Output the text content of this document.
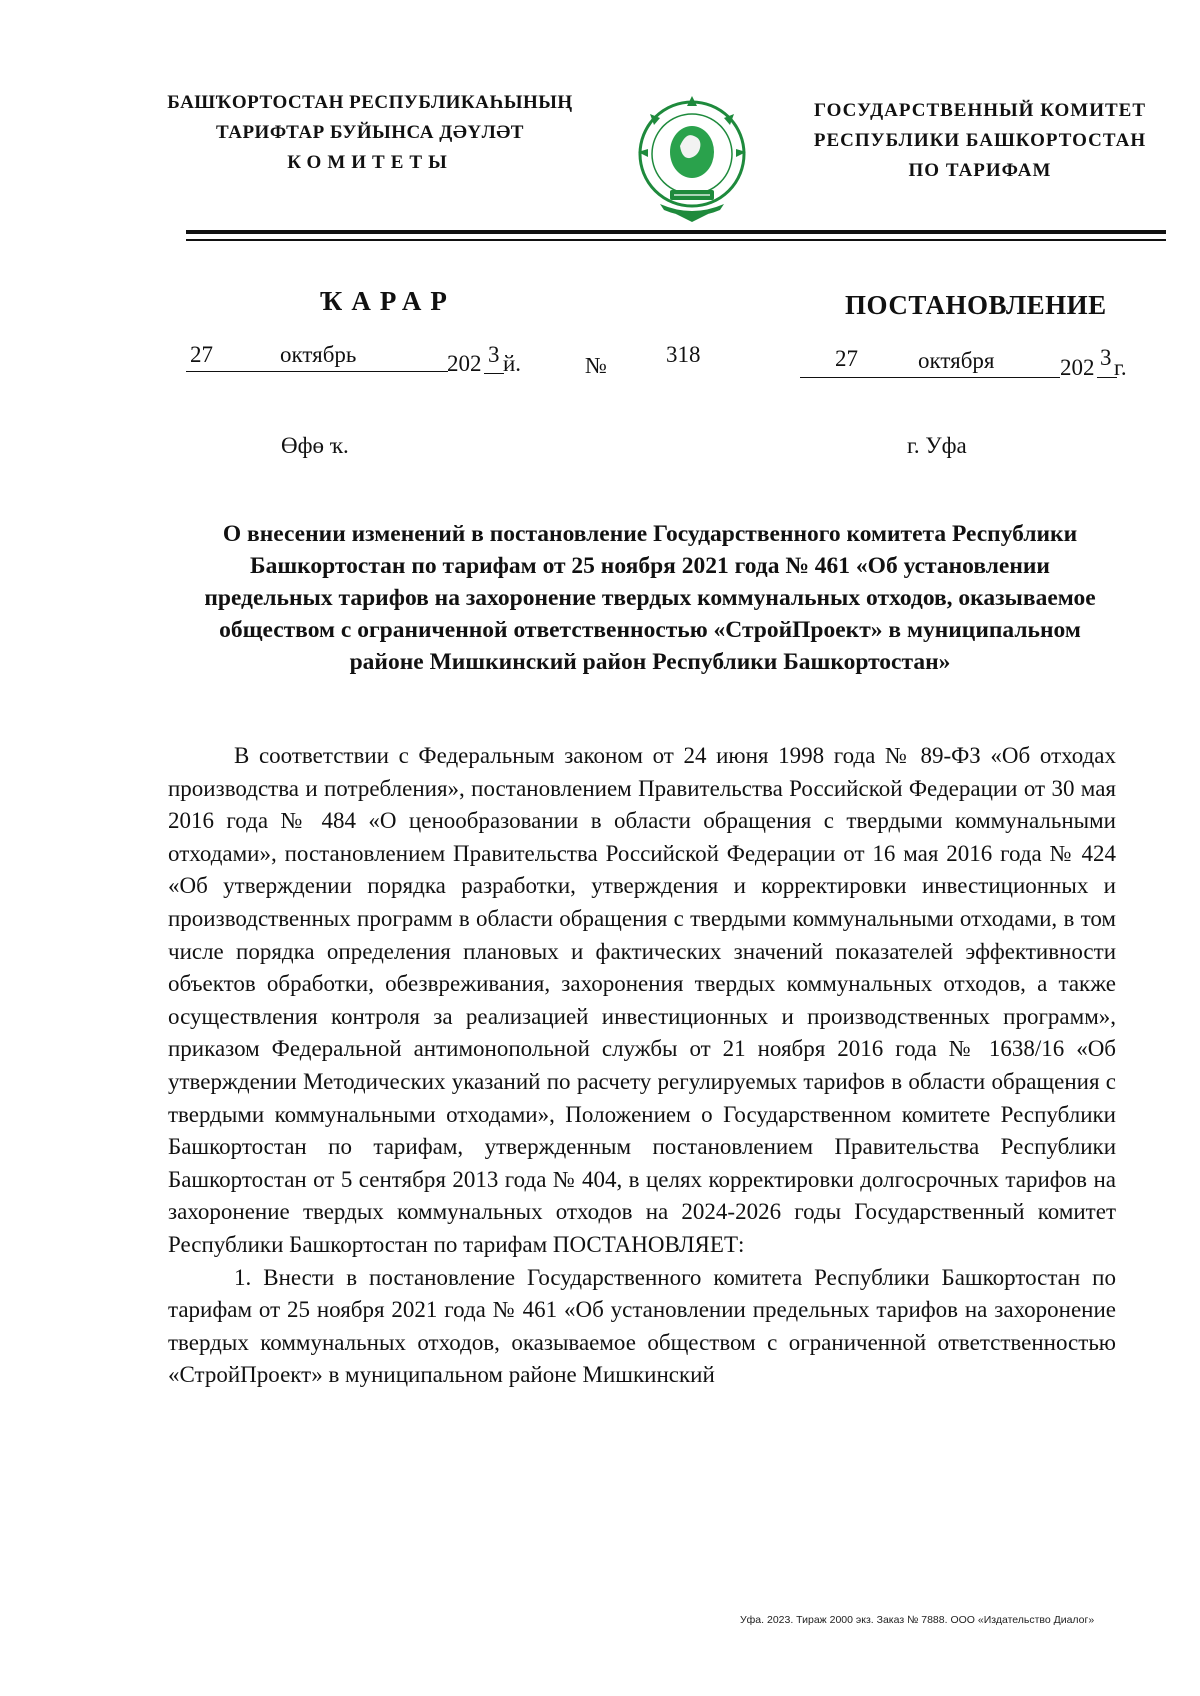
БАШҠОРТОСТАН РЕСПУБЛИКАҺЫНЫҢ
ТАРИФТАР БУЙЫНСА ДӘҮЛӘТ
КОМИТЕТЫ
ГОСУДАРСТВЕННЫЙ КОМИТЕТ
РЕСПУБЛИКИ БАШКОРТОСТАН
ПО ТАРИФАМ
ҠАРАР	ПОСТАНОВЛЕНИЕ
27	октябрь	202 3 й.	№	318	27	октября	202 3 г.
Өфө ҡ.	г. Уфа
О внесении изменений в постановление Государственного комитета Республики Башкортостан по тарифам от 25 ноября 2021 года № 461 «Об установлении предельных тарифов на захоронение твердых коммунальных отходов, оказываемое обществом с ограниченной ответственностью «СтройПроект» в муниципальном районе Мишкинский район Республики Башкортостан»

В соответствии с Федеральным законом от 24 июня 1998 года № 89-ФЗ «Об отходах производства и потребления», постановлением Правительства Российской Федерации от 30 мая 2016 года № 484 «О ценообразовании в области обращения с твердыми коммунальными отходами», постановлением Правительства Российской Федерации от 16 мая 2016 года № 424 «Об утверждении порядка разработки, утверждения и корректировки инвестиционных и производственных программ в области обращения с твердыми коммунальными отходами, в том числе порядка определения плановых и фактических значений показателей эффективности объектов обработки, обезвреживания, захоронения твердых коммунальных отходов, а также осуществления контроля за реализацией инвестиционных и производственных программ», приказом Федеральной антимонопольной службы от 21 ноября 2016 года № 1638/16 «Об утверждении Методических указаний по расчету регулируемых тарифов в области обращения с твердыми коммунальными отходами», Положением о Государственном комитете Республики Башкортостан по тарифам, утвержденным постановлением Правительства Республики Башкортостан от 5 сентября 2013 года № 404, в целях корректировки долгосрочных тарифов на захоронение твердых коммунальных отходов на 2024-2026 годы Государственный комитет Республики Башкортостан по тарифам ПОСТАНОВЛЯЕТ:

1. Внести в постановление Государственного комитета Республики Башкортостан по тарифам от 25 ноября 2021 года № 461 «Об установлении предельных тарифов на захоронение твердых коммунальных отходов, оказываемое обществом с ограниченной ответственностью «СтройПроект» в муниципальном районе Мишкинский

Уфа. 2023. Тираж 2000 экз. Заказ № 7888. ООО «Издательство Диалог»
